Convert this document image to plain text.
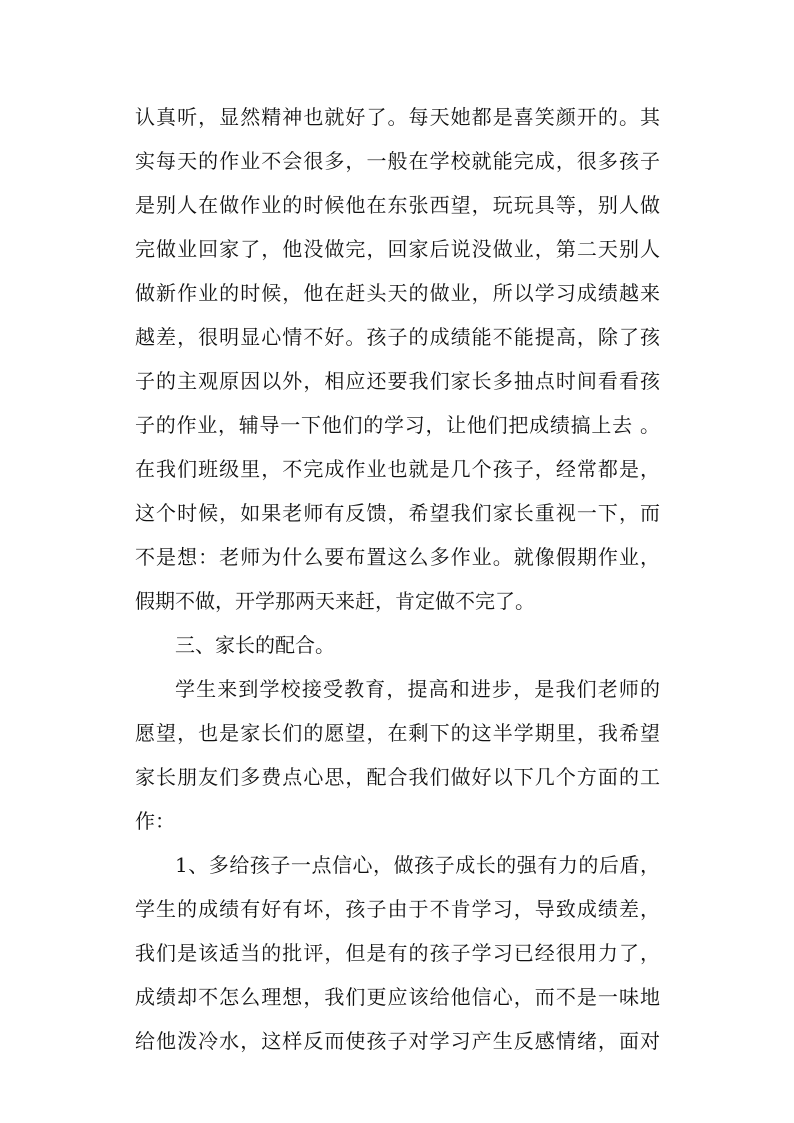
认真听，显然精神也就好了。每天她都是喜笑颜开的。其
实每天的作业不会很多，一般在学校就能完成，很多孩子
是别人在做作业的时候他在东张西望，玩玩具等，别人做
完做业回家了，他没做完，回家后说没做业，第二天别人
做新作业的时候，他在赶头天的做业，所以学习成绩越来
越差，很明显心情不好。孩子的成绩能不能提高，除了孩
子的主观原因以外，相应还要我们家长多抽点时间看看孩
子的作业，辅导一下他们的学习，让他们把成绩搞上去 。
在我们班级里，不完成作业也就是几个孩子，经常都是，
这个时候，如果老师有反馈，希望我们家长重视一下，而
不是想：老师为什么要布置这么多作业。就像假期作业，
假期不做，开学那两天来赶，肯定做不完了。
三、家长的配合。
学生来到学校接受教育，提高和进步，是我们老师的
愿望，也是家长们的愿望，在剩下的这半学期里，我希望
家长朋友们多费点心思，配合我们做好以下几个方面的工
作：
1、多给孩子一点信心，做孩子成长的强有力的后盾，
学生的成绩有好有坏，孩子由于不肯学习，导致成绩差，
我们是该适当的批评，但是有的孩子学习已经很用力了，
成绩却不怎么理想，我们更应该给他信心，而不是一味地
给他泼冷水，这样反而使孩子对学习产生反感情绪，面对
